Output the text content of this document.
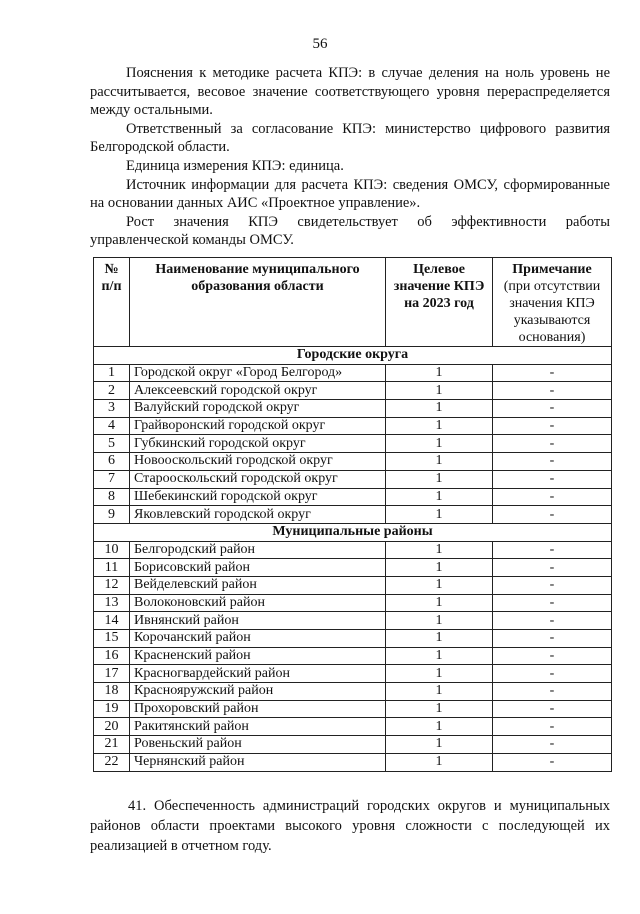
56

Пояснения к методике расчета КПЭ: в случае деления на ноль уровень не рассчитывается, весовое значение соответствующего уровня перераспределяется между остальными.

Ответственный за согласование КПЭ: министерство цифрового развития Белгородской области.

Единица измерения КПЭ: единица.

Источник информации для расчета КПЭ: сведения ОМСУ, сформированные на основании данных АИС «Проектное управление».

Рост значения КПЭ свидетельствует об эффективности работы управленческой команды ОМСУ.

№ п/п	Наименование муниципального образования области	Целевое значение КПЭ на 2023 год	Примечание
(при отсутствии значения КПЭ указываются основания)
Городские округа			
1	Городской округ «Город Белгород»	1	-
2	Алексеевский городской округ	1	-
3	Валуйский городской округ	1	-
4	Грайворонский городской округ	1	-
5	Губкинский городской округ	1	-
6	Новооскольский городской округ	1	-
7	Старооскольский городской округ	1	-
8	Шебекинский городской округ	1	-
9	Яковлевский городской округ	1	-
Муниципальные районы			
10	Белгородский район	1	-
11	Борисовский район	1	-
12	Вейделевский район	1	-
13	Волоконовский район	1	-
14	Ивнянский район	1	-
15	Корочанский район	1	-
16	Красненский район	1	-
17	Красногвардейский район	1	-
18	Краснояружский район	1	-
19	Прохоровский район	1	-
20	Ракитянский район	1	-
21	Ровеньский район	1	-
22	Чернянский район	1	-

41. Обеспеченность администраций городских округов и муниципальных районов области проектами высокого уровня сложности с последующей их реализацией в отчетном году.
